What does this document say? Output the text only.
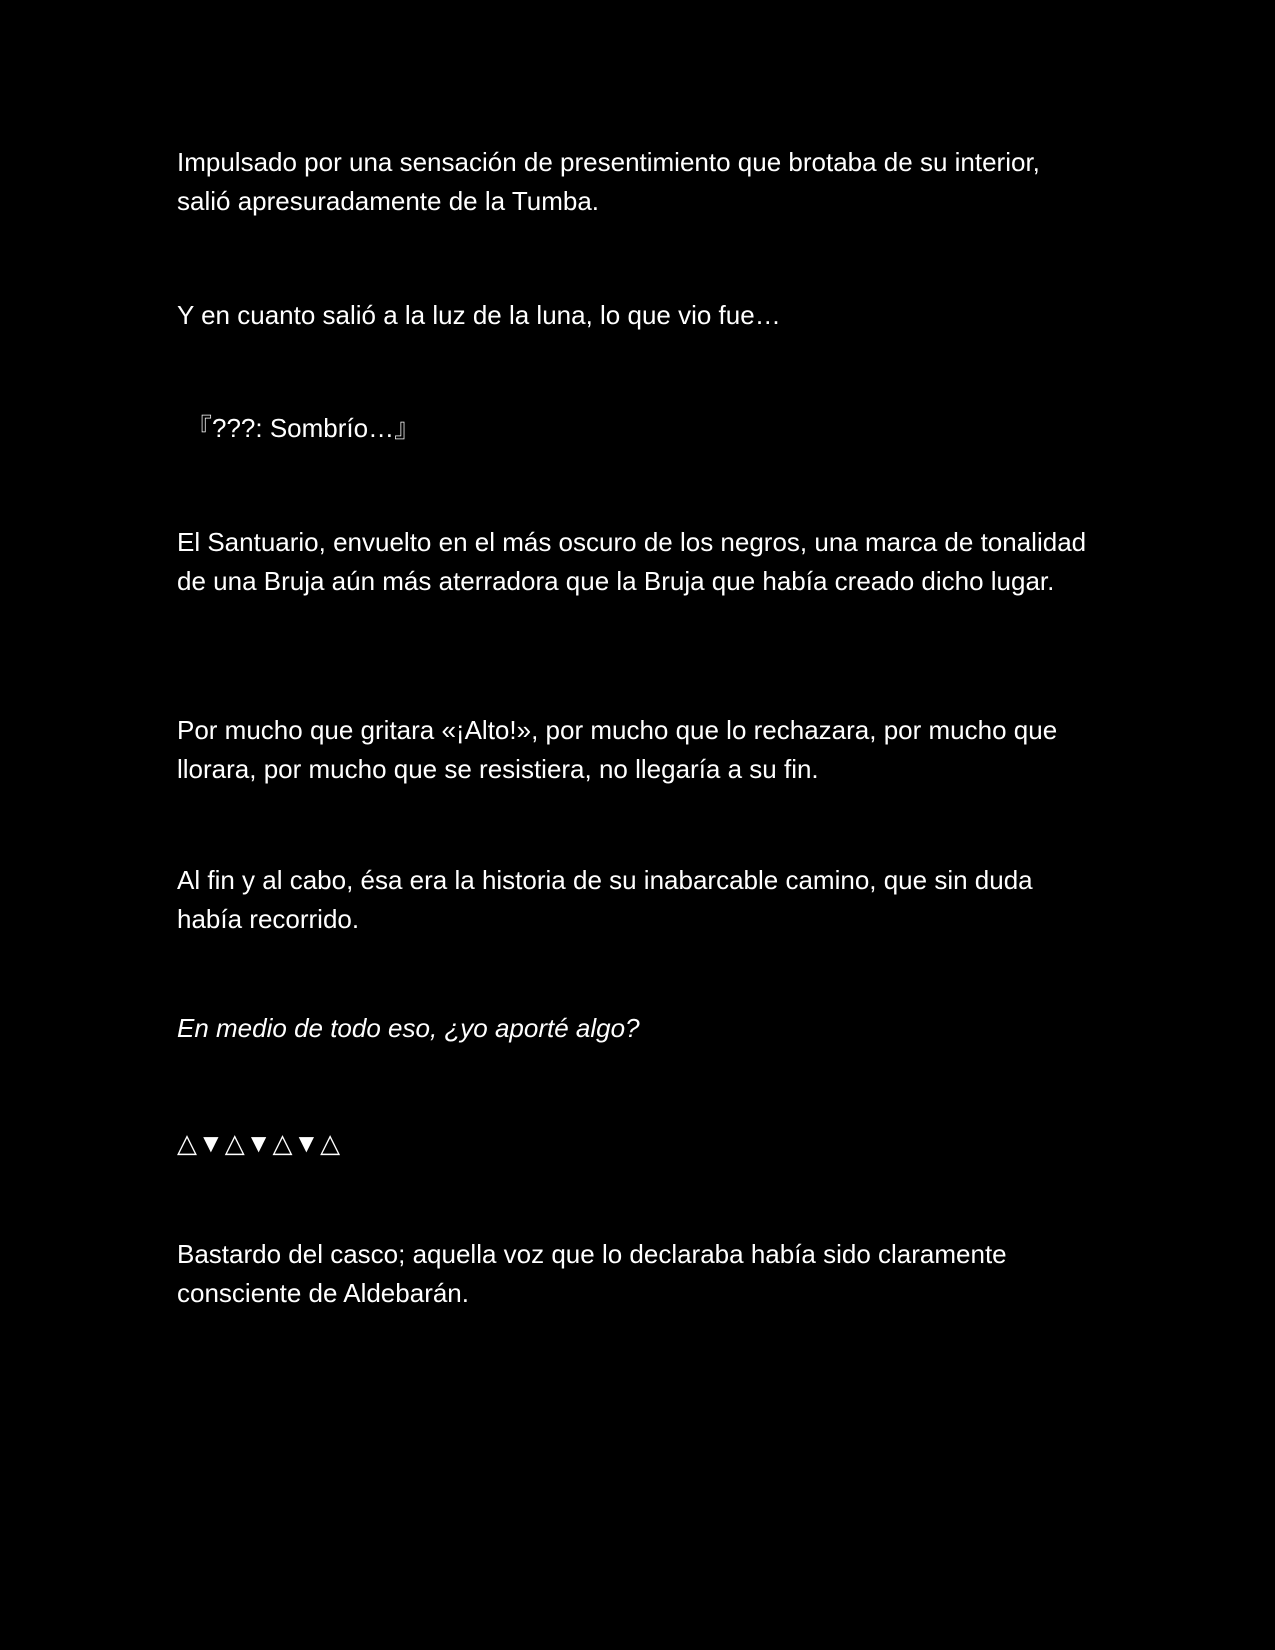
Impulsado por una sensación de presentimiento que brotaba de su interior, salió apresuradamente de la Tumba.

Y en cuanto salió a la luz de la luna, lo que vio fue…

『???: Sombrío…』

El Santuario, envuelto en el más oscuro de los negros, una marca de tonalidad de una Bruja aún más aterradora que la Bruja que había creado dicho lugar.

Por mucho que gritara «¡Alto!», por mucho que lo rechazara, por mucho que llorara, por mucho que se resistiera, no llegaría a su fin.

Al fin y al cabo, ésa era la historia de su inabarcable camino, que sin duda había recorrido.

En medio de todo eso, ¿yo aporté algo?

△▼△▼△▼△

Bastardo del casco; aquella voz que lo declaraba había sido claramente consciente de Aldebarán.
